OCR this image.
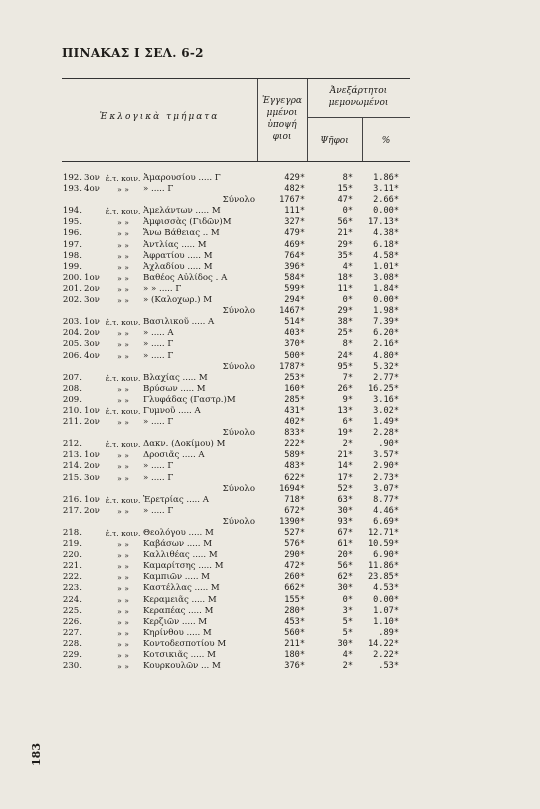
ΠΙΝΑΚΑΣ Ι ΣΕΛ. 6-2
Ἐκλογικὰ τμήματα
Ἐγγεγρα μμένοι ὑποψή φιοι
Ἀνεξάρτητοι μεμονωμένοι
Ψῆφοι	%
192. 3ον ἐ.τ. κοιν. Ἀμαρουσίου ..... Γ	429*	8*	1.86*
193. 4ον	» »	» ..... Γ	482*	15*	3.11*
Σύνολο	1767*	47*	2.66*
194.	ἐ.τ. κοιν. Ἀμελάντων ..... Μ	111*	0*	0.00*
195.	» »	Ἀμφισσὰς (Γιδῶν)Μ	327*	56*	17.13*
196.	» »	Ἄνω Βάθειας .. Μ	479*	21*	4.38*
197.	» »	Ἀντλίας ..... Μ	469*	29*	6.18*
198.	» »	Ἀφρατίου ..... Μ	764*	35*	4.58*
199.	» »	Ἀχλαδίου ..... Μ	396*	4*	1.01*
200. 1ον	» »	Βαθέος Αὐλίδος . Α	584*	18*	3.08*
201. 2ον	» »	» » ..... Γ	599*	11*	1.84*
202. 3ον	» »	» (Καλοχωρ.) Μ	294*	0*	0.00*
Σύνολο	1467*	29*	1.98*
203. 1ον ἐ.τ. κοιν. Βασιλικοῦ ..... Α	514*	38*	7.39*
204. 2ον	» »	» ..... Α	403*	25*	6.20*
205. 3ον	» »	» ..... Γ	370*	8*	2.16*
206. 4ον	» »	» ..... Γ	500*	24*	4.80*
Σύνολο	1787*	95*	5.32*
207.	ἐ.τ. κοιν. Βλαχίας ..... Μ	253*	7*	2.77*
208.	» »	Βρύσων ..... Μ	160*	26*	16.25*
209.	» »	Γλυφάδας (Γαστρ.)Μ	285*	9*	3.16*
210. 1ον ἐ.τ. κοιν. Γυμνοῦ ..... Α	431*	13*	3.02*
211. 2ον	» »	» ..... Γ	402*	6*	1.49*
Σύνολο	833*	19*	2.28*
212.	ἐ.τ. κοιν. Δακν. (Δοκίμου) Μ	222*	2*	.90*
213. 1ον	» »	Δροσιᾶς ..... Α	589*	21*	3.57*
214. 2ον	» »	» ..... Γ	483*	14*	2.90*
215. 3ον	» »	» ..... Γ	622*	17*	2.73*
Σύνολο	1694*	52*	3.07*
216. 1ον ἐ.τ. κοιν. Ἐρετρίας ..... Α	718*	63*	8.77*
217. 2ον	» »	» ..... Γ	672*	30*	4.46*
Σύνολο	1390*	93*	6.69*
218.	ἐ.τ. κοιν. Θεολόγου ..... Μ	527*	67*	12.71*
219.	» »	Καβάσων ..... Μ	576*	61*	10.59*
220.	» »	Καλλιθέας ..... Μ	290*	20*	6.90*
221.	» »	Καμαρίτσης ..... Μ	472*	56*	11.86*
222.	» »	Καμπιῶν ..... Μ	260*	62*	23.85*
223.	» »	Καστέλλας ..... Μ	662*	30*	4.53*
224.	» »	Κεραμειᾶς ..... Μ	155*	0*	0.00*
225.	» »	Κεραπέας ..... Μ	280*	3*	1.07*
226.	» »	Κερζιῶν ..... Μ	453*	5*	1.10*
227.	» »	Κηρίνθου ..... Μ	560*	5*	.89*
228.	» »	Κοντοδεσποτίου Μ	211*	30*	14.22*
229.	» »	Κοτσικιᾶς ..... Μ	180*	4*	2.22*
230.	» »	Κουρκουλῶν ... Μ	376*	2*	.53*
183
